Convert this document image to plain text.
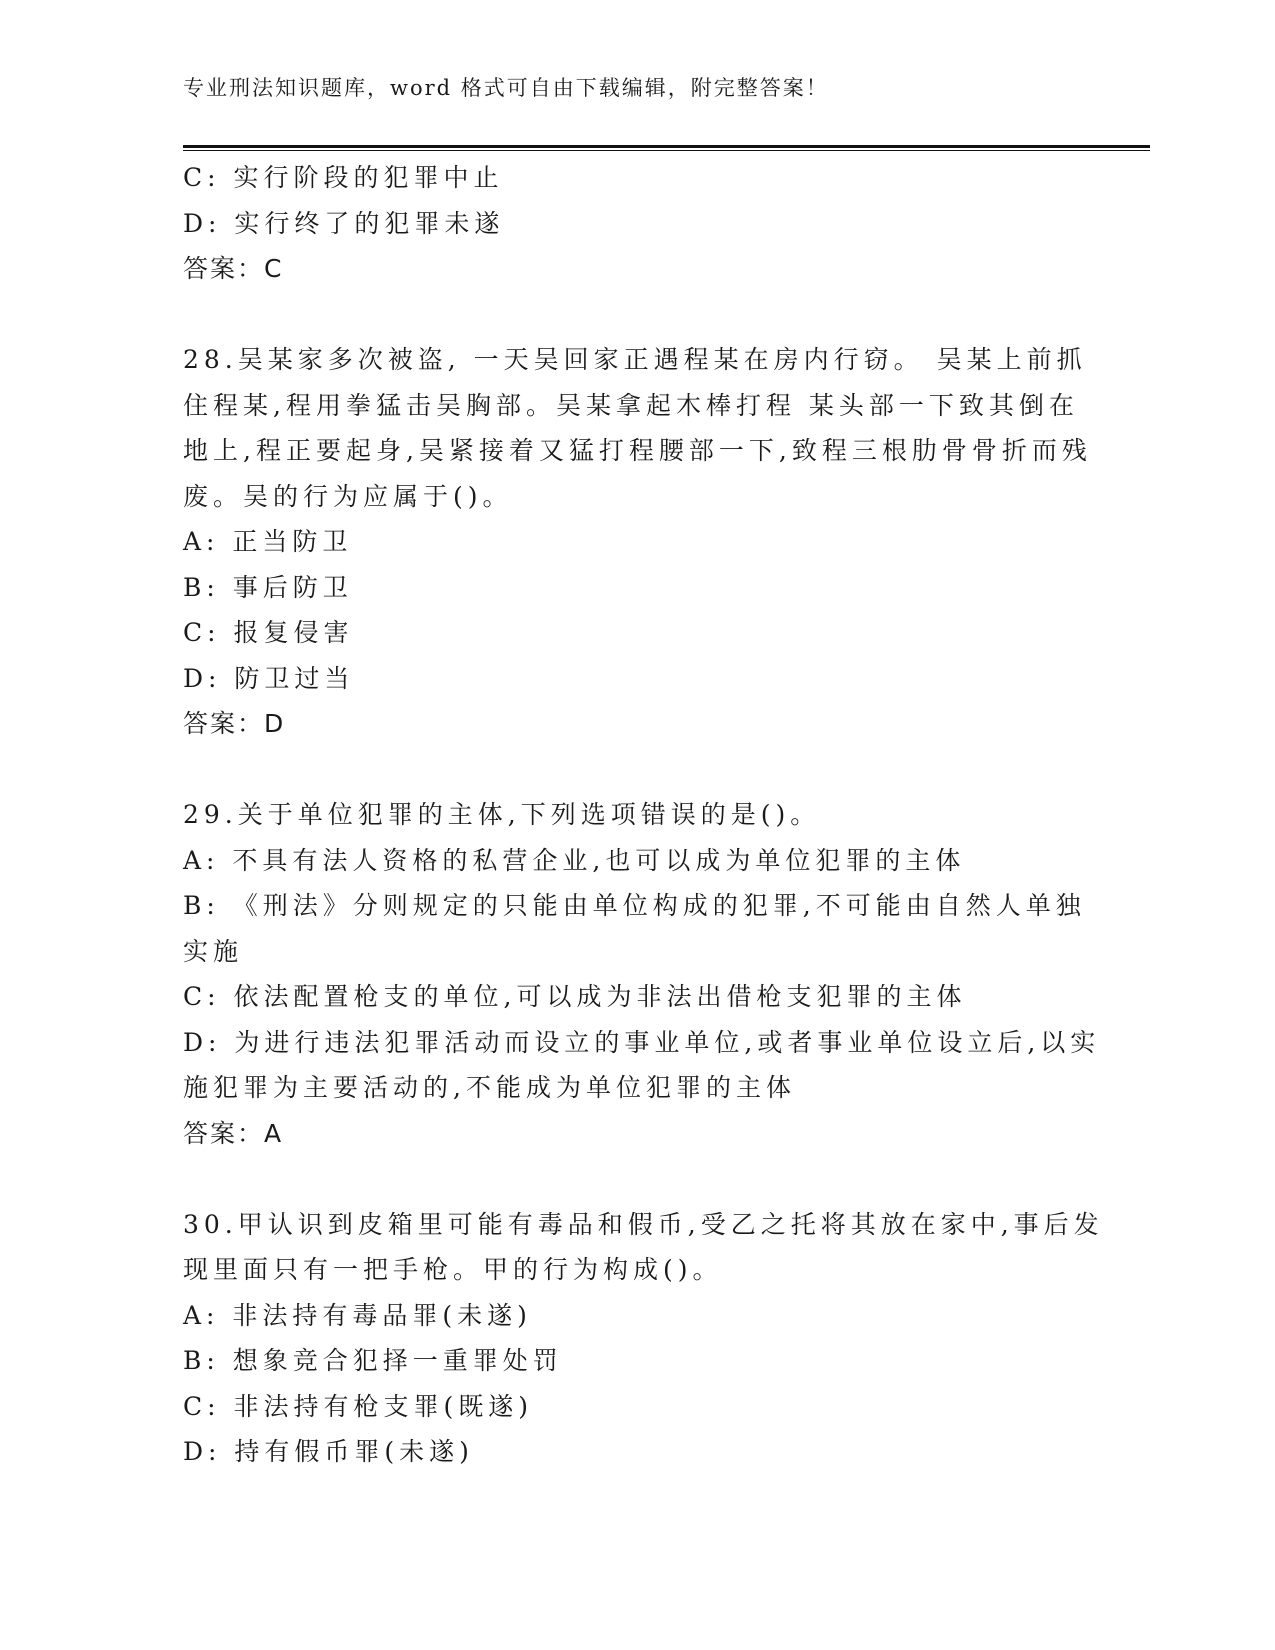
专业刑法知识题库，word 格式可自由下载编辑，附完整答案！
C: 实行阶段的犯罪中止
D: 实行终了的犯罪未遂
答案：C
28.吴某家多次被盗, 一天吴回家正遇程某在房内行窃。 吴某上前抓
住程某,程用拳猛击吴胸部。吴某拿起木棒打程 某头部一下致其倒在
地上,程正要起身,吴紧接着又猛打程腰部一下,致程三根肋骨骨折而残
废。吴的行为应属于()。
A: 正当防卫
B: 事后防卫
C: 报复侵害
D: 防卫过当
答案：D
29.关于单位犯罪的主体,下列选项错误的是()。
A: 不具有法人资格的私营企业,也可以成为单位犯罪的主体
B: 《刑法》分则规定的只能由单位构成的犯罪,不可能由自然人单独
实施
C: 依法配置枪支的单位,可以成为非法出借枪支犯罪的主体
D: 为进行违法犯罪活动而设立的事业单位,或者事业单位设立后,以实
施犯罪为主要活动的,不能成为单位犯罪的主体
答案：A
30.甲认识到皮箱里可能有毒品和假币,受乙之托将其放在家中,事后发
现里面只有一把手枪。甲的行为构成()。
A: 非法持有毒品罪(未遂)
B: 想象竞合犯择一重罪处罚
C: 非法持有枪支罪(既遂)
D: 持有假币罪(未遂)
